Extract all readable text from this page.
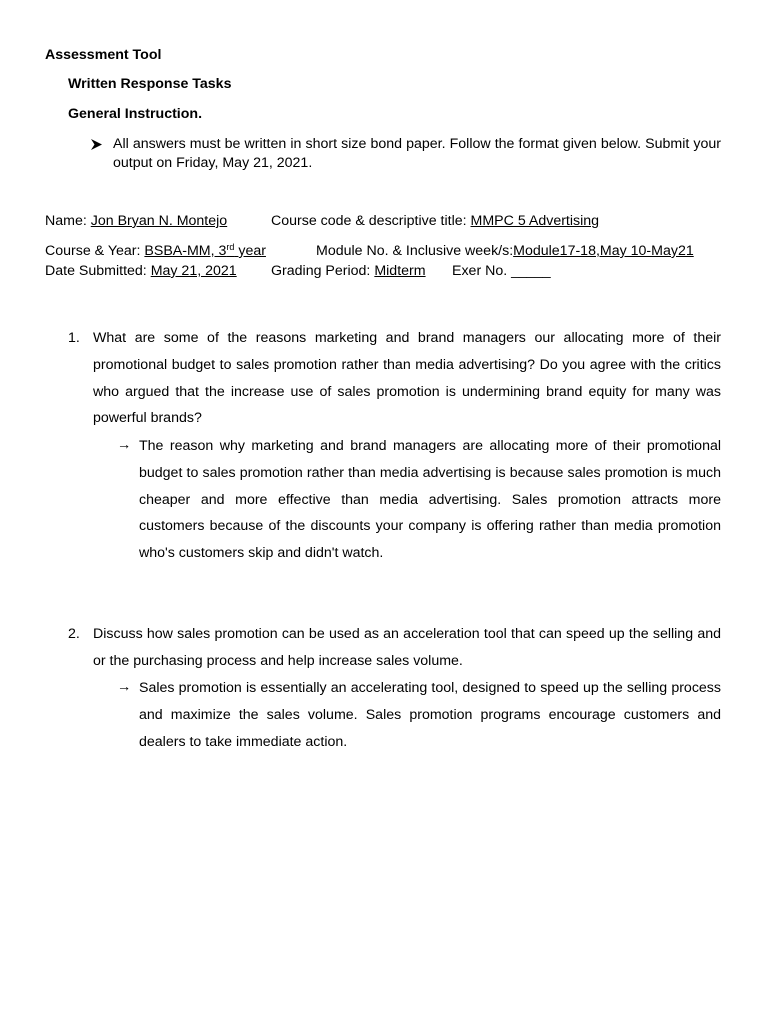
Assessment Tool
Written Response Tasks
General Instruction.
All answers must be written in short size bond paper. Follow the format given below. Submit your output on Friday, May 21, 2021.
Name: Jon Bryan N. Montejo	Course code & descriptive title: MMPC 5 Advertising
Course & Year: BSBA-MM, 3rd year	Module No. & Inclusive week/s:Module17-18,May 10-May21
Date Submitted: May 21, 2021 Grading Period: Midterm Exer No. _____
1. What are some of the reasons marketing and brand managers our allocating more of their promotional budget to sales promotion rather than media advertising? Do you agree with the critics who argued that the increase use of sales promotion is undermining brand equity for many was powerful brands?
→ The reason why marketing and brand managers are allocating more of their promotional budget to sales promotion rather than media advertising is because sales promotion is much cheaper and more effective than media advertising. Sales promotion attracts more customers because of the discounts your company is offering rather than media promotion who's customers skip and didn't watch.
2. Discuss how sales promotion can be used as an acceleration tool that can speed up the selling and or the purchasing process and help increase sales volume.
→ Sales promotion is essentially an accelerating tool, designed to speed up the selling process and maximize the sales volume. Sales promotion programs encourage customers and dealers to take immediate action.
